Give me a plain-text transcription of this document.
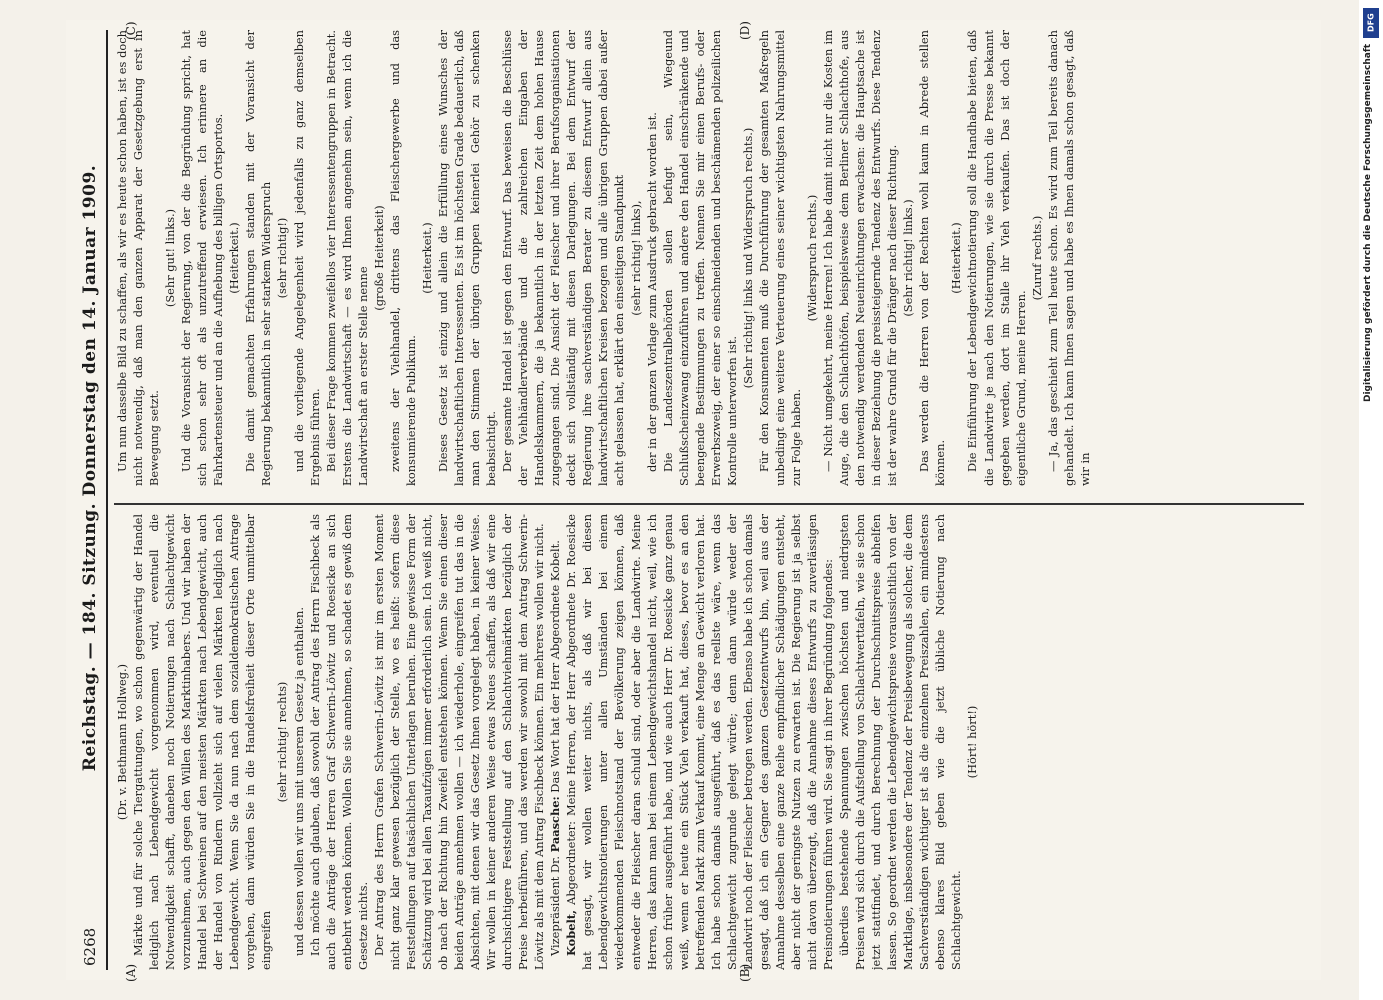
DFG
Digitalisierung gefördert durch die Deutsche Forschungsgemeinschaft
6268
Reichstag. — 184. Sitzung. Donnerstag den 14. Januar 1909.
(A)	(B)
(C)	(D)

(Dr. v. Bethmann Hollweg.) Märkte und für solche Tiergattungen, wo schon gegenwärtig der Handel lediglich nach Lebendgewicht vorgenommen wird, eventuell die Notwendigkeit schafft, daneben noch Notierungen nach Schlachtgewicht vorzunehmen, auch gegen den Willen des Marktinhabers. Und wir haben der Handel bei Schweinen auf den meisten Märkten nach Lebendgewicht, auch der Handel von Rindern vollzieht sich auf vielen Märkten lediglich nach Lebendgewicht. Wenn Sie da nun nach dem sozialdemokratischen Antrage vorgehen, dann würden Sie in die Handelsfreiheit dieser Orte unmittelbar eingreifen

(sehr richtig! rechts) und dessen wollen wir uns mit unserem Gesetz ja enthalten. Ich möchte auch glauben, daß sowohl der Antrag des Herrn Fischbeck als auch die Anträge der Herren Graf Schwerin-Löwitz und Roesicke an sich entbehrt werden können. Wollen Sie sie annehmen, so schadet es gewiß dem Gesetze nichts. Der Antrag des Herrn Grafen Schwerin-Löwitz ist mir im ersten Moment nicht ganz klar gewesen bezüglich der Stelle, wo es heißt: sofern diese Feststellungen auf tatsächlichen Unterlagen beruhen. Eine gewisse Form der Schätzung wird bei allen Taxaufzügen immer erforderlich sein. Ich weiß nicht, ob nach der Richtung hin Zweifel entstehen können. Wenn Sie einen dieser beiden Anträge annehmen wollen — ich wiederhole, eingreifen tut das in die Absichten, mit denen wir das Gesetz Ihnen vorgelegt haben, in keiner Weise. Wir wollen in keiner anderen Weise etwas Neues schaffen, als daß wir eine durchsichtigere Feststellung auf den Schlachtviehmärkten bezüglich der Preise herbeiführen, und das werden wir sowohl mit dem Antrag Schwerin-Löwitz als mit dem Antrag Fischbeck können. Ein mehreres wollen wir nicht. Vizepräsident Dr. Paasche: Das Wort hat der Herr Abgeordnete Kobelt.

Kobelt, Abgeordneter: Meine Herren, der Herr Abgeordnete Dr. Roesicke hat gesagt, wir wollen weiter nichts, als daß wir bei diesen Lebendgewichtsnotierungen unter allen Umständen bei einem wiederkommenden Fleischnotstand der Bevölkerung zeigen können, daß entweder die Fleischer daran schuld sind, oder aber die Landwirte. Meine Herren, das kann man bei einem Lebendgewichtshandel nicht, weil, wie ich schon früher ausgeführt habe, und wie auch Herr Dr. Roesicke ganz genau weiß, wenn er heute ein Stück Vieh verkauft hat, dieses, bevor es an den betreffenden Markt zum Verkauf kommt, eine Menge an Gewicht verloren hat. Ich habe schon damals ausgeführt, daß es das reellste wäre, wenn das Schlachtgewicht zugrunde gelegt würde; denn dann würde weder der Landwirt noch der Fleischer betrogen werden. Ebenso habe ich schon damals gesagt, daß ich ein Gegner des ganzen Gesetzentwurfs bin, weil aus der Annahme desselben eine ganze Reihe empfindlicher Schädigungen entsteht, aber nicht der geringste Nutzen zu erwarten ist. Die Regierung ist ja selbst nicht davon überzeugt, daß die Annahme dieses Entwurfs zu zuverlässigen Preisnotierungen führen wird. Sie sagt in ihrer Begründung folgendes: überdies bestehende Spannungen zwischen höchsten und niedrigsten Preisen wird sich durch die Aufstellung von Schlachtwerttafeln, wie sie schon jetzt stattfindet, und durch Berechnung der Durchschnittspreise abhelfen lassen. So geordnet werden die Lebendgewichtspreise voraussichtlich von der Marktlage, insbesondere der Tendenz der Preisbewegung als solcher, die dem Sachverständigen wichtiger ist als die einzelnen Preiszahlen, ein mindestens ebenso klares Bild geben wie die jetzt übliche Notierung nach Schlachtgewicht.

(Hört! hört!)

Um nun dasselbe Bild zu schaffen, als wir es heute schon haben, ist es doch nicht notwendig, daß man den ganzen Apparat der Gesetzgebung erst in Bewegung setzt.

(Sehr gut! links.) Und die Voransicht der Regierung, von der die Begründung spricht, hat sich schon sehr oft als unzutreffend erwiesen. Ich erinnere an die Fahrkartensteuer und an die Aufhebung des billigen Ortsportos. (Heiterkeit.) Die damit gemachten Erfahrungen standen mit der Voransicht der Regierung bekanntlich in sehr starkem Widerspruch (sehr richtig!) und die vorliegende Angelegenheit wird jedenfalls zu ganz demselben Ergebnis führen. Bei dieser Frage kommen zweifellos vier Interessentengruppen in Betracht. Erstens die Landwirtschaft — es wird Ihnen angenehm sein, wenn ich die Landwirtschaft an erster Stelle nenne

(große Heiterkeit) zweitens der Viehhandel, drittens das Fleischergewerbe und das konsumierende Publikum.

(Heiterkeit.) Dieses Gesetz ist einzig und allein die Erfüllung eines Wunsches der landwirtschaftlichen Interessenten. Es ist im höchsten Grade bedauerlich, daß man den Stimmen der übrigen Gruppen keinerlei Gehör zu schenken beabsichtigt. Der gesamte Handel ist gegen den Entwurf. Das beweisen die Beschlüsse der Viehhändlerverbände und die zahlreichen Eingaben der Handelskammern, die ja bekanntlich in der letzten Zeit dem hohen Hause zugegangen sind. Die Ansicht der Fleischer und ihrer Berufsorganisationen deckt sich vollständig mit diesen Darlegungen. Bei dem Entwurf der Regierung ihre sachverständigen Berater zu diesem Entwurf allein aus landwirtschaftlichen Kreisen bezogen und alle übrigen Gruppen dabei außer acht gelassen hat, erklärt den einseitigen Standpunkt (sehr richtig! links), der in der ganzen Vorlage zum Ausdruck gebracht worden ist. Die Landeszentralbehörden sollen befugt sein, Wiegeund Schlußscheinzwang einzuführen und andere den Handel einschränkende und beengende Bestimmungen zu treffen. Nennen Sie mir einen Berufs- oder Erwerbszweig, der einer so einschneidenden und beschämenden polizeilichen Kontrolle unterworfen ist.

(Sehr richtig! links und Widerspruch rechts.) Für den Konsumenten muß die Durchführung der gesamten Maßregeln unbedingt eine weitere Verteuerung eines seiner wichtigsten Nahrungsmittel zur Folge haben.

(Widerspruch rechts.) — Nicht umgekehrt, meine Herren! Ich habe damit nicht nur die Kosten im Auge, die den Schlachthöfen, beispielsweise dem Berliner Schlachthofe, aus den notwendig werdenden Neueinrichtungen erwachsen: die Hauptsache ist in dieser Beziehung die preissteigernde Tendenz des Entwurfs. Diese Tendenz ist der wahre Grund für die Dränger nach dieser Richtung. (Sehr richtig! links.) Das werden die Herren von der Rechten wohl kaum in Abrede stellen können.

(Heiterkeit.) Die Einführung der Lebendgewichtnotierung soll die Handhabe bieten, daß die Landwirte je nach den Notierungen, wie sie durch die Presse bekannt gegeben werden, dort im Stalle ihr Vieh verkaufen. Das ist doch der eigentliche Grund, meine Herren.

(Zuruf rechts.) — Ja, das geschieht zum Teil heute schon. Es wird zum Teil bereits danach gehandelt. Ich kann Ihnen sagen und habe es Ihnen damals schon gesagt, daß wir in
